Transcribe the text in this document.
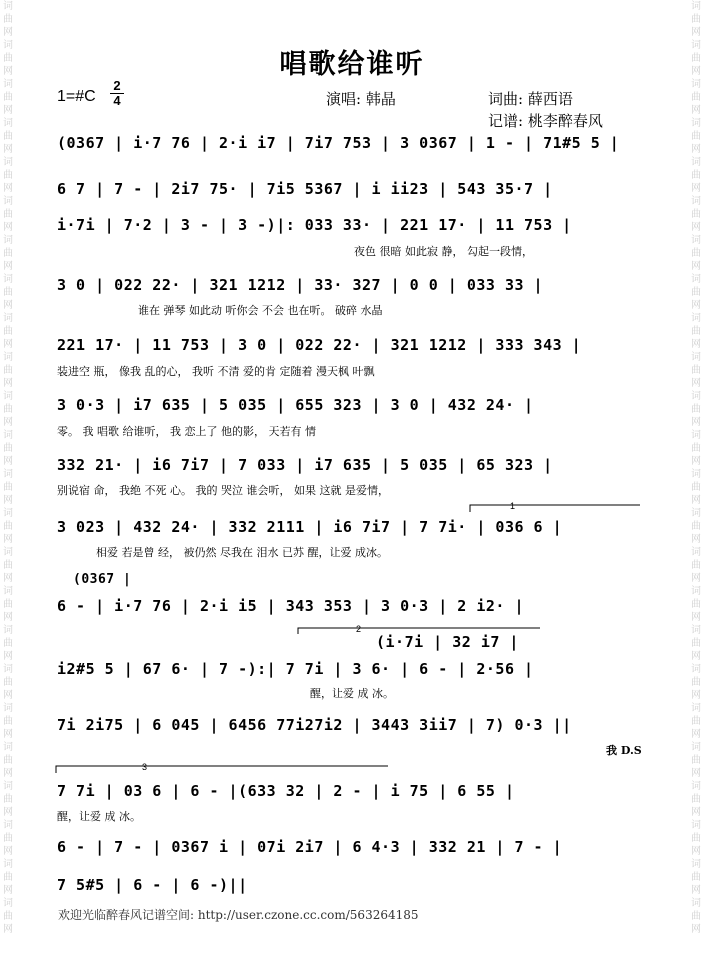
词曲网 词曲网 词曲网 词曲网 词曲网 词曲网 词曲网 词曲网 词曲网 词曲网 词曲网 词曲网 词曲网 词曲网 词曲网 词曲网 词曲网 词曲网 词曲网 词曲网 词曲网 词曲网 词曲网 词曲网
词曲网 词曲网 词曲网 词曲网 词曲网 词曲网 词曲网 词曲网 词曲网 词曲网 词曲网 词曲网 词曲网 词曲网 词曲网 词曲网 词曲网 词曲网 词曲网 词曲网 词曲网 词曲网 词曲网 词曲网
唱歌给谁听
1=#C
2
4	演唱: 韩晶	词曲: 薛西语
记谱: 桃李醉春风
(0367 | i·7 76 | 2·i i7 | 7i7 753 | 3 0367 | 1 - | 71#5 5 |
6 7 | 7 - | 2i7 75· | 7i5 5367 | i ii23 | 543 35·7 |
i·7i | 7·2 | 3 - | 3 -)|: 033 33· | 221 17· | 11 753 |
夜色 很暗 如此寂 静， 勾起一段情，
3 0 | 022 22· | 321 1212 | 33· 327 | 0 0 | 033 33 |
谁在 弹琴 如此动 听你会 不会 也在听。 破碎 水晶
221 17· | 11 753 | 3 0 | 022 22· | 321 1212 | 333 343 |
装进空 瓶， 像我 乱的心， 我听 不清 爱的肯 定随着 漫天枫 叶飘
3 0·3 | i7 635 | 5 035 | 655 323 | 3 0 | 432 24· |
零。 我 唱歌 给谁听， 我 恋上了 他的影， 天若有 情
332 21· | i6 7i7 | 7 033 | i7 635 | 5 035 | 65 323 |
别说宿 命， 我绝 不死 心。 我的 哭泣 谁会听， 如果 这就 是爱情，
3 023 | 432 24· | 332 2111 | i6 7i7 | 7 7i· | 036 6 |
相爱 若是曾 经， 被仍然 尽我在 泪水 已苏 醒，让爱 成冰。
(0367 |
6 - | i·7 76 | 2·i i5 | 343 353 | 3 0·3 | 2 i2· |
(i·7i | 32 i7 |
i2#5 5 | 67 6· | 7 -):| 7 7i | 3 6· | 6 - | 2·56 |
醒，让爱 成 冰。
7i 2i75 | 6 045 | 6456 77i27i2 | 3443 3ii7 | 7) 0·3 ||
我 D.S
7 7i | 03 6 | 6 - |(633 32 | 2 - | i 75 | 6 55 |
醒，让爱 成 冰。
6 - | 7 - | 0367 i | 07i 2i7 | 6 4·3 | 332 21 | 7 - |
7 5#5 | 6 - | 6 -)||
1
2
3
欢迎光临醉春风记谱空间: http://user.czone.cc.com/563264185
